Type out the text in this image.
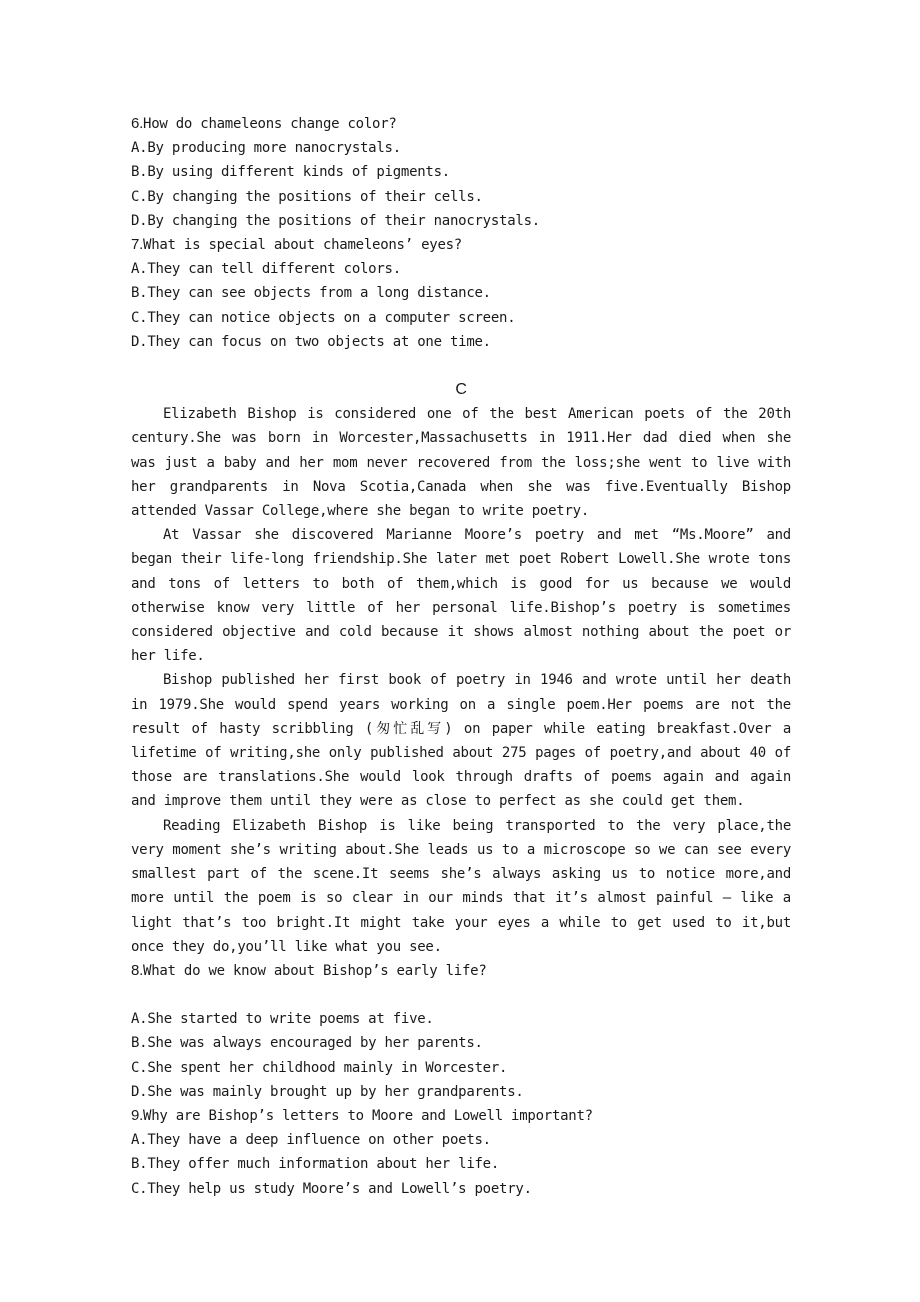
6.How do chameleons change color?
A.By producing more nanocrystals.
B.By using different kinds of pigments.
C.By changing the positions of their cells.
D.By changing the positions of their nanocrystals.
7.What is special about chameleons’ eyes?
A.They can tell different colors.
B.They can see objects from a long distance.
C.They can notice objects on a computer screen.
D.They can focus on two objects at one time.
C
Elizabeth Bishop is considered one of the best American poets of the 20th century.She was born in Worcester,Massachusetts in 1911.Her dad died when she was just a baby and her mom never recovered from the loss;she went to live with her grandparents in Nova Scotia,Canada when she was five.Eventually Bishop attended Vassar College,where she began to write poetry.
At Vassar she discovered Marianne Moore’s poetry and met “Ms.Moore” and began their life-long friendship.She later met poet Robert Lowell.She wrote tons and tons of letters to both of them,which is good for us because we would otherwise know very little of her personal life.Bishop’s poetry is sometimes considered objective and cold because it shows almost nothing about the poet or her life.
Bishop published her first book of poetry in 1946 and wrote until her death in 1979.She would spend years working on a single poem.Her poems are not the result of hasty scribbling (匆忙乱写) on paper while eating breakfast.Over a lifetime of writing,she only published about 275 pages of poetry,and about 40 of those are translations.She would look through drafts of poems again and again and improve them until they were as close to perfect as she could get them.
Reading Elizabeth Bishop is like being transported to the very place,the very moment she’s writing about.She leads us to a microscope so we can see every smallest part of the scene.It seems she’s always asking us to notice more,and more until the poem is so clear in our minds that it’s almost painful — like a light that’s too bright.It might take your eyes a while to get used to it,but once they do,you’ll like what you see.
8.What do we know about Bishop’s early life?
A.She started to write poems at five.
B.She was always encouraged by her parents.
C.She spent her childhood mainly in Worcester.
D.She was mainly brought up by her grandparents.
9.Why are Bishop’s letters to Moore and Lowell important?
A.They have a deep influence on other poets.
B.They offer much information about her life.
C.They help us study Moore’s and Lowell’s poetry.
